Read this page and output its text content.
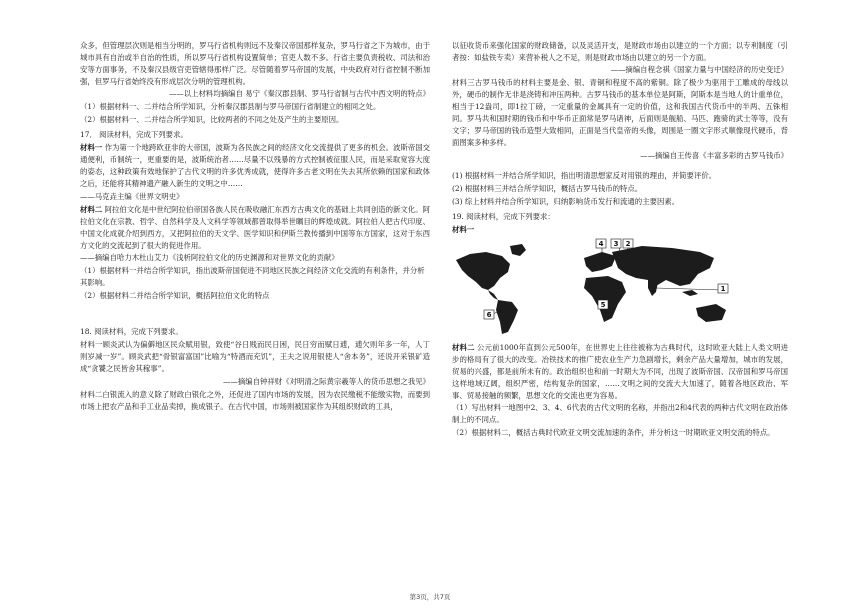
众多，但管理层次则是相当分明的，罗马行省机构则远不及秦汉帝国那样复杂，罗马行省之下为城市，由于城市具有自治或半自治的性质，所以罗马行省机构设置简单；官吏人数不多。行省主要负责税收、司法和治安等方面事务，不及秦汉县级官吏管辖得那样广泛。尽管随着罗马帝国的发展，中央政府对行省控制不断加强，但罗马行省始终没有形成层次分明的管理机构。

——以上材料均摘编自 易宁《秦汉郡县制、罗马行省制与古代中西文明的特点》

（1）根据材料一、二并结合所学知识，分析秦汉郡县制与罗马帝国行省制建立的相同之处。

（2）根据材料一、二并结合所学知识，比较两者的不同之处及产生的主要原因。

17． 阅读材料，完成下列要求。

材料一 作为第一个地跨欧亚非的大帝国，波斯为各民族之间的经济文化交流提供了更多的机会。波斯帝国交通便利，币制统一，更重要的是，波斯统治者……尽量不以残暴的方式控制被征服人民，而是采取宽容大度的姿态，这种政策有效地保护了古代文明的许多优秀成就，使得许多古老文明在失去其所依赖的国家和政体之后，还能将其精神遗产融入新生的文明之中……

——马克垚主编《世界文明史》

材料二 阿拉伯文化是中世纪阿拉伯帝国各族人民在吸收融汇东西方古典文化的基础上共同创造的新文化。阿拉伯文化在宗教、哲学、自然科学及人文科学等领域都曾取得举世瞩目的辉煌成就。阿拉伯人把古代印度、中国文化成就介绍到西方，又把阿拉伯的天文学、医学知识和伊斯兰教传播到中国等东方国家，这对于东西方文化的交流起到了很大的促进作用。

——摘编自哈力木杜山艾力《浅析阿拉伯文化的历史渊源和对世界文化的贡献》

（1）根据材料一并结合所学知识，指出波斯帝国促进不同地区民族之间经济文化交流的有利条件，并分析其影响。

（2）根据材料二并结合所学知识，概括阿拉伯文化的特点

18. 阅读材料，完成下列要求。

材料一顾炎武认为偏僻地区民众赋用银，致使“谷日贱而民日困，民日穷而赋日逋，逋欠则年多一年，人丁则岁减一岁”。顾炎武把“骨银富富国”比喻为“特酒而充饥”，王夫之说用银使人“舍本务”，还说开采银矿造成“贪饕之民皆舍其稼事”。

——摘编自钟祥财《对明清之际黄宗羲等人的货币思想之我见》

材料二白银流入的意义除了财政白银化之外，还促进了国内市场的发展，因为农民缴税不能缴实物，而要到市场上把农产品和手工业品卖掉，换成银子。在古代中国，市场则被国家作为其组织财政的工具，

以征收货币来强化国家的财政储备，以及灵活开支，是财政市场由以建立的一个方面；以专利制度（引者按：如盐铁专卖）来营补税人之不足，则是财政市场由以建立的另一个方面。

——摘编自程念祺《国家力量与中国经济的历史变迁》

材料三古罗马钱币的材料主要是金、银、青铜和程度不高的紫铜。除了极少为驱用于工雕成的母线以外，硬币的制作无非是浇铸和冲压两种。古罗马钱币的基本单位是阿斯，阿斯本是当地人的计重单位，相当于12盎司，即1拉丁磅，一定重量的金属具有一定的价值，这和我国古代货币中的半两、五铢相同。罗马共和国时期的钱币和中华币正面常是罗马诸神，后面则是舰船、马匹、跑骑的武士等等，没有文字；罗马帝国的钱币造型大致相同，正面是当代皇帝的头像，周围是一圈文字形式顺像现代硬币，背面图案多种多样。

——摘编自王传喜《丰富多彩的古罗马钱币》

(1) 根据材料一并结合所学知识，指出明清思想家反对用银的理由，并简要评价。

(2) 根据材料三并结合所学知识，概括古罗马钱币的特点。

(3) 综上材料并结合所学知识，归纳影响货币发行和流通的主要因素。

19. 阅读材料，完成下列要求：

材料一

4 3 2
1
5
6

材料二 公元前1000年直到公元500年，在世界史上往往被称为古典时代，这时欧亚大陆上人类文明进步的格局有了很大的改变。冶铁技术的推广使农业生产力急剧增长，剩余产品大量增加，城市的发展，贸易的兴盛，都是前所未有的。政治组织也和前一时期大为不同，出现了波斯帝国、汉帝国和罗马帝国这样地域辽阔，组织严密，结构复杂的国家，……文明之间的交流大大加速了，随着各地区政治、军事、贸易接触的频繁，思想文化的交流也更为容易。

（1）写出材料一地图中2、3、4、6代表的古代文明的名称，并指出2和4代表的两种古代文明在政治体制上的不同点。

（2）根据材料二，概括古典时代欧亚文明交流加速的条件，并分析这一时期欧亚文明交流的特点。

第3页，共7页
